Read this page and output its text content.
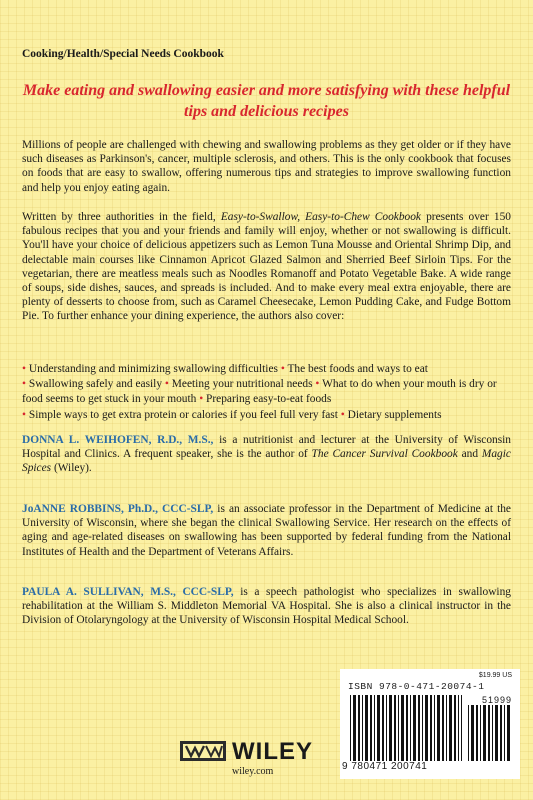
Cooking/Health/Special Needs Cookbook
Make eating and swallowing easier and more satisfying with these helpful tips and delicious recipes
Millions of people are challenged with chewing and swallowing problems as they get older or if they have such diseases as Parkinson's, cancer, multiple sclerosis, and others. This is the only cookbook that focuses on foods that are easy to swallow, offering numerous tips and strategies to improve swallowing function and help you enjoy eating again.
Written by three authorities in the field, Easy-to-Swallow, Easy-to-Chew Cookbook presents over 150 fabulous recipes that you and your friends and family will enjoy, whether or not swallowing is difficult. You'll have your choice of delicious appetizers such as Lemon Tuna Mousse and Oriental Shrimp Dip, and delectable main courses like Cinnamon Apricot Glazed Salmon and Sherried Beef Sirloin Tips. For the vegetarian, there are meatless meals such as Noodles Romanoff and Potato Vegetable Bake. A wide range of soups, side dishes, sauces, and spreads is included. And to make every meal extra enjoyable, there are plenty of desserts to choose from, such as Caramel Cheesecake, Lemon Pudding Cake, and Fudge Bottom Pie. To further enhance your dining experience, the authors also cover:
• Understanding and minimizing swallowing difficulties • The best foods and ways to eat
• Swallowing safely and easily • Meeting your nutritional needs • What to do when your mouth is dry or food seems to get stuck in your mouth • Preparing easy-to-eat foods
• Simple ways to get extra protein or calories if you feel full very fast • Dietary supplements
DONNA L. WEIHOFEN, R.D., M.S., is a nutritionist and lecturer at the University of Wisconsin Hospital and Clinics. A frequent speaker, she is the author of The Cancer Survival Cookbook and Magic Spices (Wiley).
JoANNE ROBBINS, Ph.D., CCC-SLP, is an associate professor in the Department of Medicine at the University of Wisconsin, where she began the clinical Swallowing Service. Her research on the effects of aging and age-related diseases on swallowing has been supported by federal funding from the National Institutes of Health and the Department of Veterans Affairs.
PAULA A. SULLIVAN, M.S., CCC-SLP, is a speech pathologist who specializes in swallowing rehabilitation at the William S. Middleton Memorial VA Hospital. She is also a clinical instructor in the Division of Otolaryngology at the University of Wisconsin Hospital Medical School.
$19.99 US
ISBN 978-0-471-20074-1
51999
9 780471 200741
WILEY
wiley.com
